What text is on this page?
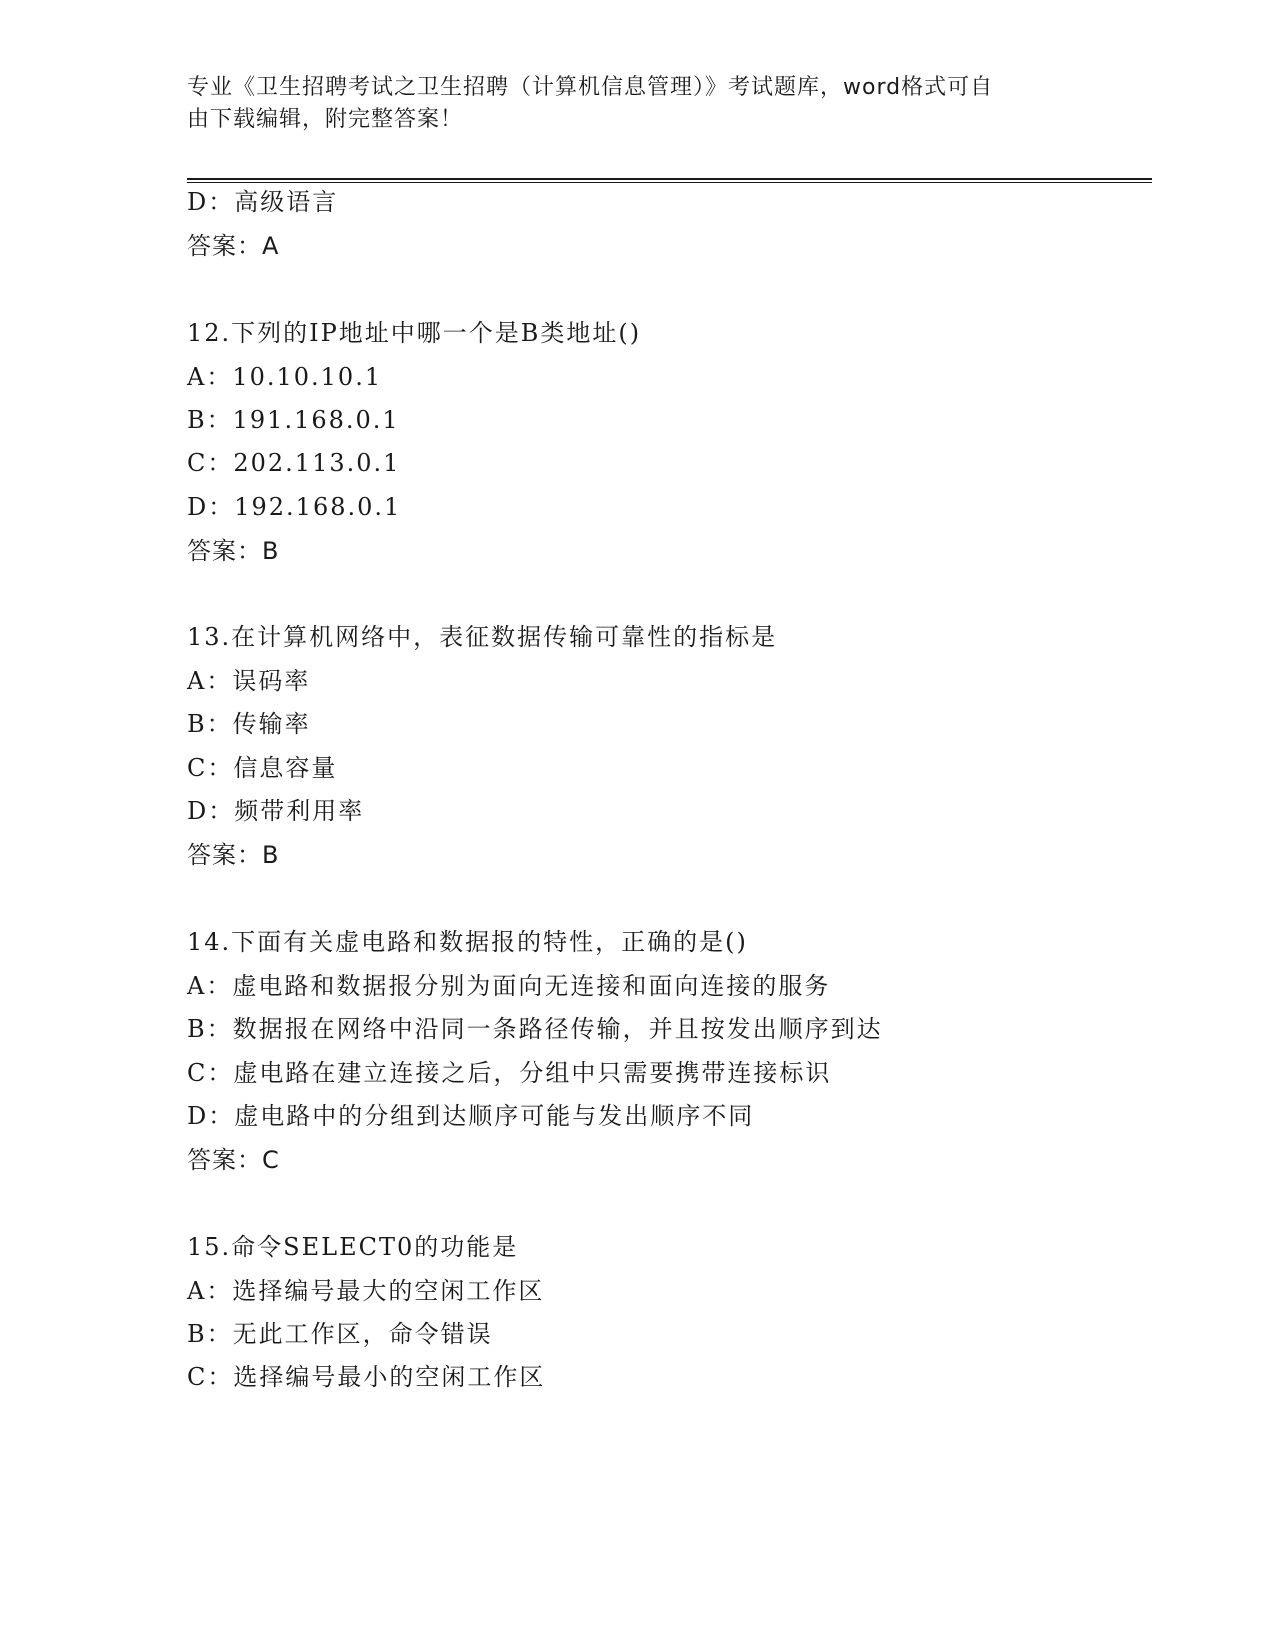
专业《卫生招聘考试之卫生招聘（计算机信息管理）》考试题库，word格式可自
由下载编辑，附完整答案！
D：高级语言
答案：A
12.下列的IP地址中哪一个是B类地址()
A：10.10.10.1
B：191.168.0.1
C：202.113.0.1
D：192.168.0.1
答案：B
13.在计算机网络中，表征数据传输可靠性的指标是
A：误码率
B：传输率
C：信息容量
D：频带利用率
答案：B
14.下面有关虚电路和数据报的特性，正确的是()
A：虚电路和数据报分别为面向无连接和面向连接的服务
B：数据报在网络中沿同一条路径传输，并且按发出顺序到达
C：虚电路在建立连接之后，分组中只需要携带连接标识
D：虚电路中的分组到达顺序可能与发出顺序不同
答案：C
15.命令SELECT0的功能是
A：选择编号最大的空闲工作区
B：无此工作区，命令错误
C：选择编号最小的空闲工作区
